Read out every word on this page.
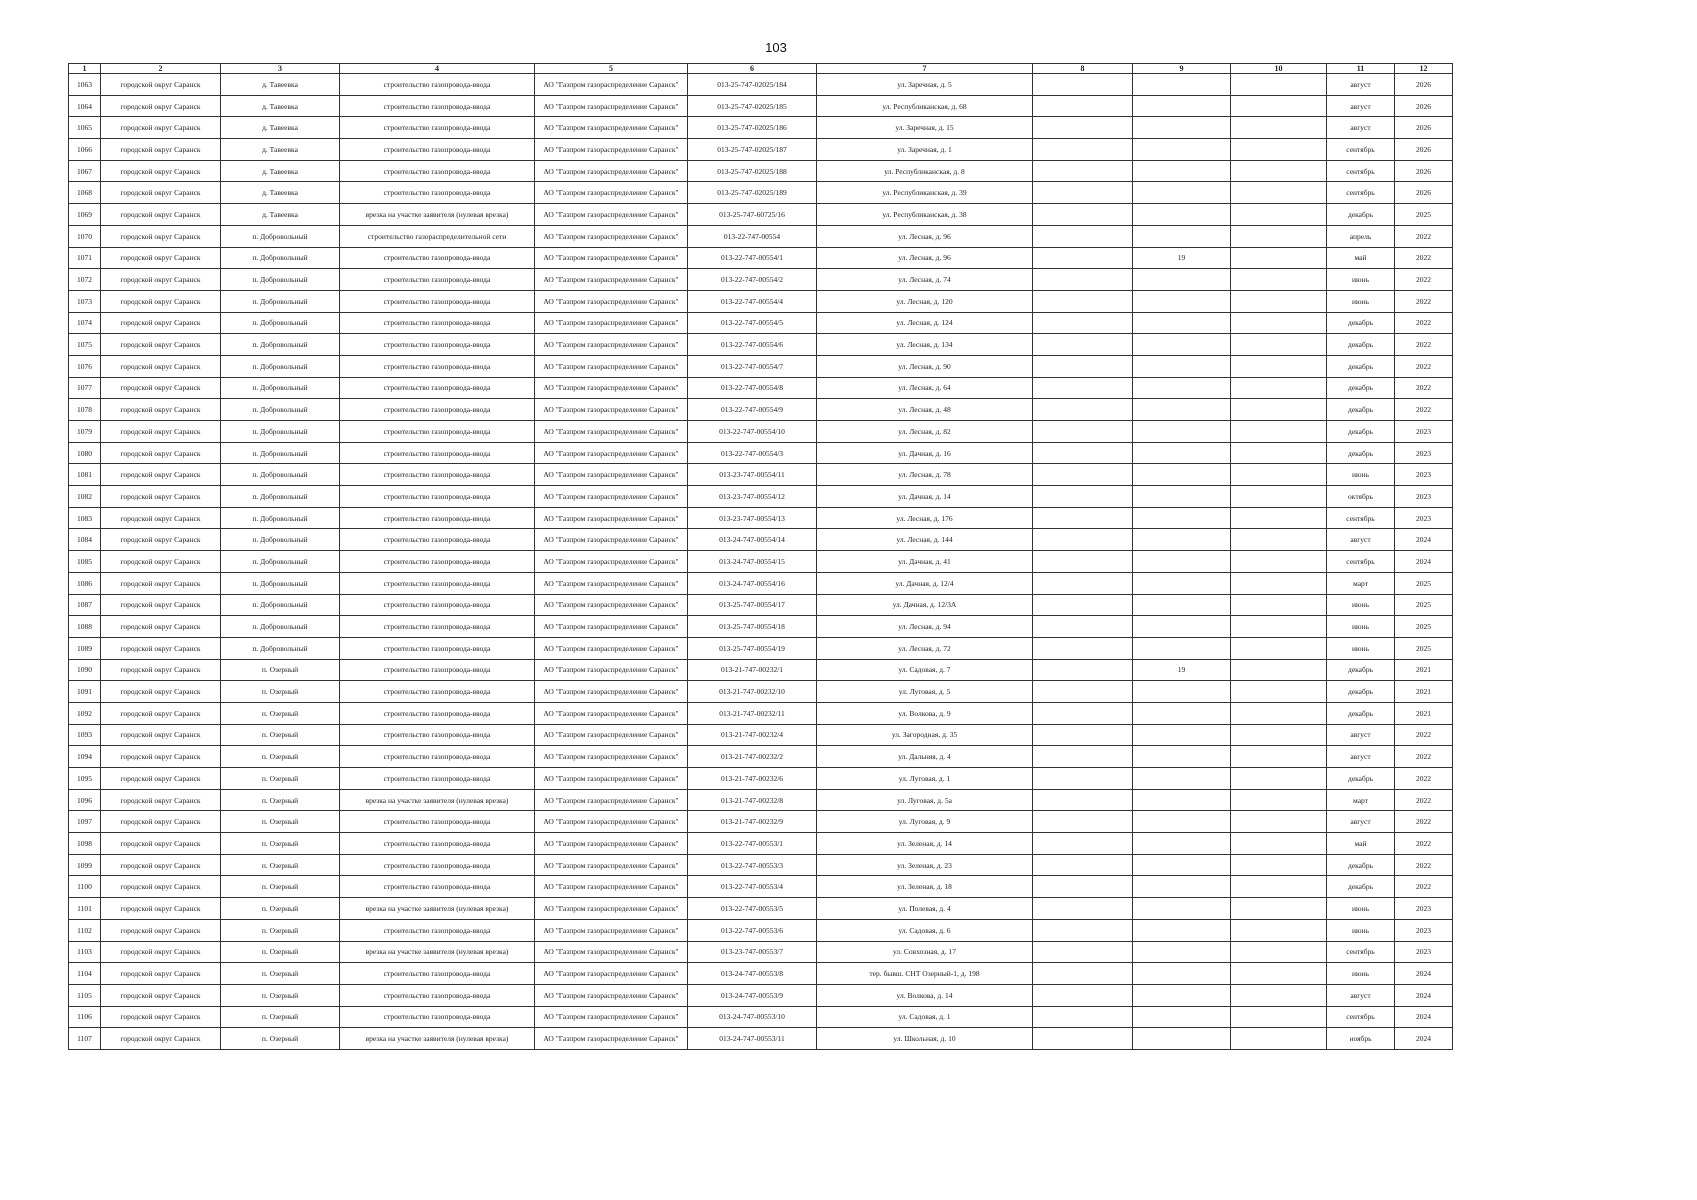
103
1	2	3	4	5	6	7	8	9	10	11	12
1063	городской округ Саранск	д. Тавеевка	строительство газопровода-ввода	АО "Газпром газораспределение Саранск"	013-25-747-02025/184	ул. Заречная, д. 5				август	2026
1064	городской округ Саранск	д. Тавеевка	строительство газопровода-ввода	АО "Газпром газораспределение Саранск"	013-25-747-02025/185	ул. Республиканская, д. 68				август	2026
1065	городской округ Саранск	д. Тавеевка	строительство газопровода-ввода	АО "Газпром газораспределение Саранск"	013-25-747-02025/186	ул. Заречная, д. 15				август	2026
1066	городской округ Саранск	д. Тавеевка	строительство газопровода-ввода	АО "Газпром газораспределение Саранск"	013-25-747-02025/187	ул. Заречная, д. 1				сентябрь	2026
1067	городской округ Саранск	д. Тавеевка	строительство газопровода-ввода	АО "Газпром газораспределение Саранск"	013-25-747-02025/188	ул. Республиканская, д. 8				сентябрь	2026
1068	городской округ Саранск	д. Тавеевка	строительство газопровода-ввода	АО "Газпром газораспределение Саранск"	013-25-747-02025/189	ул. Республиканская, д. 39				сентябрь	2026
1069	городской округ Саранск	д. Тавеевка	врезка на участке заявителя (нулевая врезка)	АО "Газпром газораспределение Саранск"	013-25-747-60725/16	ул. Республиканская, д. 38				декабрь	2025
1070	городской округ Саранск	п. Добровольный	строительство газораспределительной сети	АО "Газпром газораспределение Саранск"	013-22-747-00554	ул. Лесная, д. 96				апрель	2022
1071	городской округ Саранск	п. Добровольный	строительство газопровода-ввода	АО "Газпром газораспределение Саранск"	013-22-747-00554/1	ул. Лесная, д. 96		19		май	2022
1072	городской округ Саранск	п. Добровольный	строительство газопровода-ввода	АО "Газпром газораспределение Саранск"	013-22-747-00554/2	ул. Лесная, д. 74				июнь	2022
1073	городской округ Саранск	п. Добровольный	строительство газопровода-ввода	АО "Газпром газораспределение Саранск"	013-22-747-00554/4	ул. Лесная, д. 120				июнь	2022
1074	городской округ Саранск	п. Добровольный	строительство газопровода-ввода	АО "Газпром газораспределение Саранск"	013-22-747-00554/5	ул. Лесная, д. 124				декабрь	2022
1075	городской округ Саранск	п. Добровольный	строительство газопровода-ввода	АО "Газпром газораспределение Саранск"	013-22-747-00554/6	ул. Лесная, д. 134				декабрь	2022
1076	городской округ Саранск	п. Добровольный	строительство газопровода-ввода	АО "Газпром газораспределение Саранск"	013-22-747-00554/7	ул. Лесная, д. 90				декабрь	2022
1077	городской округ Саранск	п. Добровольный	строительство газопровода-ввода	АО "Газпром газораспределение Саранск"	013-22-747-00554/8	ул. Лесная, д. 64				декабрь	2022
1078	городской округ Саранск	п. Добровольный	строительство газопровода-ввода	АО "Газпром газораспределение Саранск"	013-22-747-00554/9	ул. Лесная, д. 48				декабрь	2022
1079	городской округ Саранск	п. Добровольный	строительство газопровода-ввода	АО "Газпром газораспределение Саранск"	013-22-747-00554/10	ул. Лесная, д. 82				декабрь	2023
1080	городской округ Саранск	п. Добровольный	строительство газопровода-ввода	АО "Газпром газораспределение Саранск"	013-22-747-00554/3	ул. Дачная, д. 16				декабрь	2023
1081	городской округ Саранск	п. Добровольный	строительство газопровода-ввода	АО "Газпром газораспределение Саранск"	013-23-747-00554/11	ул. Лесная, д. 78				июнь	2023
1082	городской округ Саранск	п. Добровольный	строительство газопровода-ввода	АО "Газпром газораспределение Саранск"	013-23-747-00554/12	ул. Дачная, д. 14				октябрь	2023
1083	городской округ Саранск	п. Добровольный	строительство газопровода-ввода	АО "Газпром газораспределение Саранск"	013-23-747-00554/13	ул. Лесная, д. 176				сентябрь	2023
1084	городской округ Саранск	п. Добровольный	строительство газопровода-ввода	АО "Газпром газораспределение Саранск"	013-24-747-00554/14	ул. Лесная, д. 144				август	2024
1085	городской округ Саранск	п. Добровольный	строительство газопровода-ввода	АО "Газпром газораспределение Саранск"	013-24-747-00554/15	ул. Дачная, д. 41				сентябрь	2024
1086	городской округ Саранск	п. Добровольный	строительство газопровода-ввода	АО "Газпром газораспределение Саранск"	013-24-747-00554/16	ул. Дачная, д. 12/4				март	2025
1087	городской округ Саранск	п. Добровольный	строительство газопровода-ввода	АО "Газпром газораспределение Саранск"	013-25-747-00554/17	ул. Дачная, д. 12/3А				июнь	2025
1088	городской округ Саранск	п. Добровольный	строительство газопровода-ввода	АО "Газпром газораспределение Саранск"	013-25-747-00554/18	ул. Лесная, д. 94				июнь	2025
1089	городской округ Саранск	п. Добровольный	строительство газопровода-ввода	АО "Газпром газораспределение Саранск"	013-25-747-00554/19	ул. Лесная, д. 72				июнь	2025
1090	городской округ Саранск	п. Озерный	строительство газопровода-ввода	АО "Газпром газораспределение Саранск"	013-21-747-00232/1	ул. Садовая, д. 7		19		декабрь	2021
1091	городской округ Саранск	п. Озерный	строительство газопровода-ввода	АО "Газпром газораспределение Саранск"	013-21-747-00232/10	ул. Луговая, д. 5				декабрь	2021
1092	городской округ Саранск	п. Озерный	строительство газопровода-ввода	АО "Газпром газораспределение Саранск"	013-21-747-00232/11	ул. Волкова, д. 9				декабрь	2021
1093	городской округ Саранск	п. Озерный	строительство газопровода-ввода	АО "Газпром газораспределение Саранск"	013-21-747-00232/4	ул. Загородная, д. 35				август	2022
1094	городской округ Саранск	п. Озерный	строительство газопровода-ввода	АО "Газпром газораспределение Саранск"	013-21-747-00232/2	ул. Дальняя, д. 4				август	2022
1095	городской округ Саранск	п. Озерный	строительство газопровода-ввода	АО "Газпром газораспределение Саранск"	013-21-747-00232/6	ул. Луговая, д. 1				декабрь	2022
1096	городской округ Саранск	п. Озерный	врезка на участке заявителя (нулевая врезка)	АО "Газпром газораспределение Саранск"	013-21-747-00232/8	ул. Луговая, д. 5а				март	2022
1097	городской округ Саранск	п. Озерный	строительство газопровода-ввода	АО "Газпром газораспределение Саранск"	013-21-747-00232/9	ул. Луговая, д. 9				август	2022
1098	городской округ Саранск	п. Озерный	строительство газопровода-ввода	АО "Газпром газораспределение Саранск"	013-22-747-00553/1	ул. Зеленая, д. 14				май	2022
1099	городской округ Саранск	п. Озерный	строительство газопровода-ввода	АО "Газпром газораспределение Саранск"	013-22-747-00553/3	ул. Зеленая, д. 23				декабрь	2022
1100	городской округ Саранск	п. Озерный	строительство газопровода-ввода	АО "Газпром газораспределение Саранск"	013-22-747-00553/4	ул. Зеленая, д. 18				декабрь	2022
1101	городской округ Саранск	п. Озерный	врезка на участке заявителя (нулевая врезка)	АО "Газпром газораспределение Саранск"	013-22-747-00553/5	ул. Полевая, д. 4				июнь	2023
1102	городской округ Саранск	п. Озерный	строительство газопровода-ввода	АО "Газпром газораспределение Саранск"	013-22-747-00553/6	ул. Садовая, д. 6				июнь	2023
1103	городской округ Саранск	п. Озерный	врезка на участке заявителя (нулевая врезка)	АО "Газпром газораспределение Саранск"	013-23-747-00553/7	ул. Совхозная, д. 17				сентябрь	2023
1104	городской округ Саранск	п. Озерный	строительство газопровода-ввода	АО "Газпром газораспределение Саранск"	013-24-747-00553/8	тер. бывш. СНТ Озерный-1, д. 198				июнь	2024
1105	городской округ Саранск	п. Озерный	строительство газопровода-ввода	АО "Газпром газораспределение Саранск"	013-24-747-00553/9	ул. Волкова, д. 14				август	2024
1106	городской округ Саранск	п. Озерный	строительство газопровода-ввода	АО "Газпром газораспределение Саранск"	013-24-747-00553/10	ул. Садовая, д. 1				сентябрь	2024
1107	городской округ Саранск	п. Озерный	врезка на участке заявителя (нулевая врезка)	АО "Газпром газораспределение Саранск"	013-24-747-00553/11	ул. Школьная, д. 10				ноябрь	2024
